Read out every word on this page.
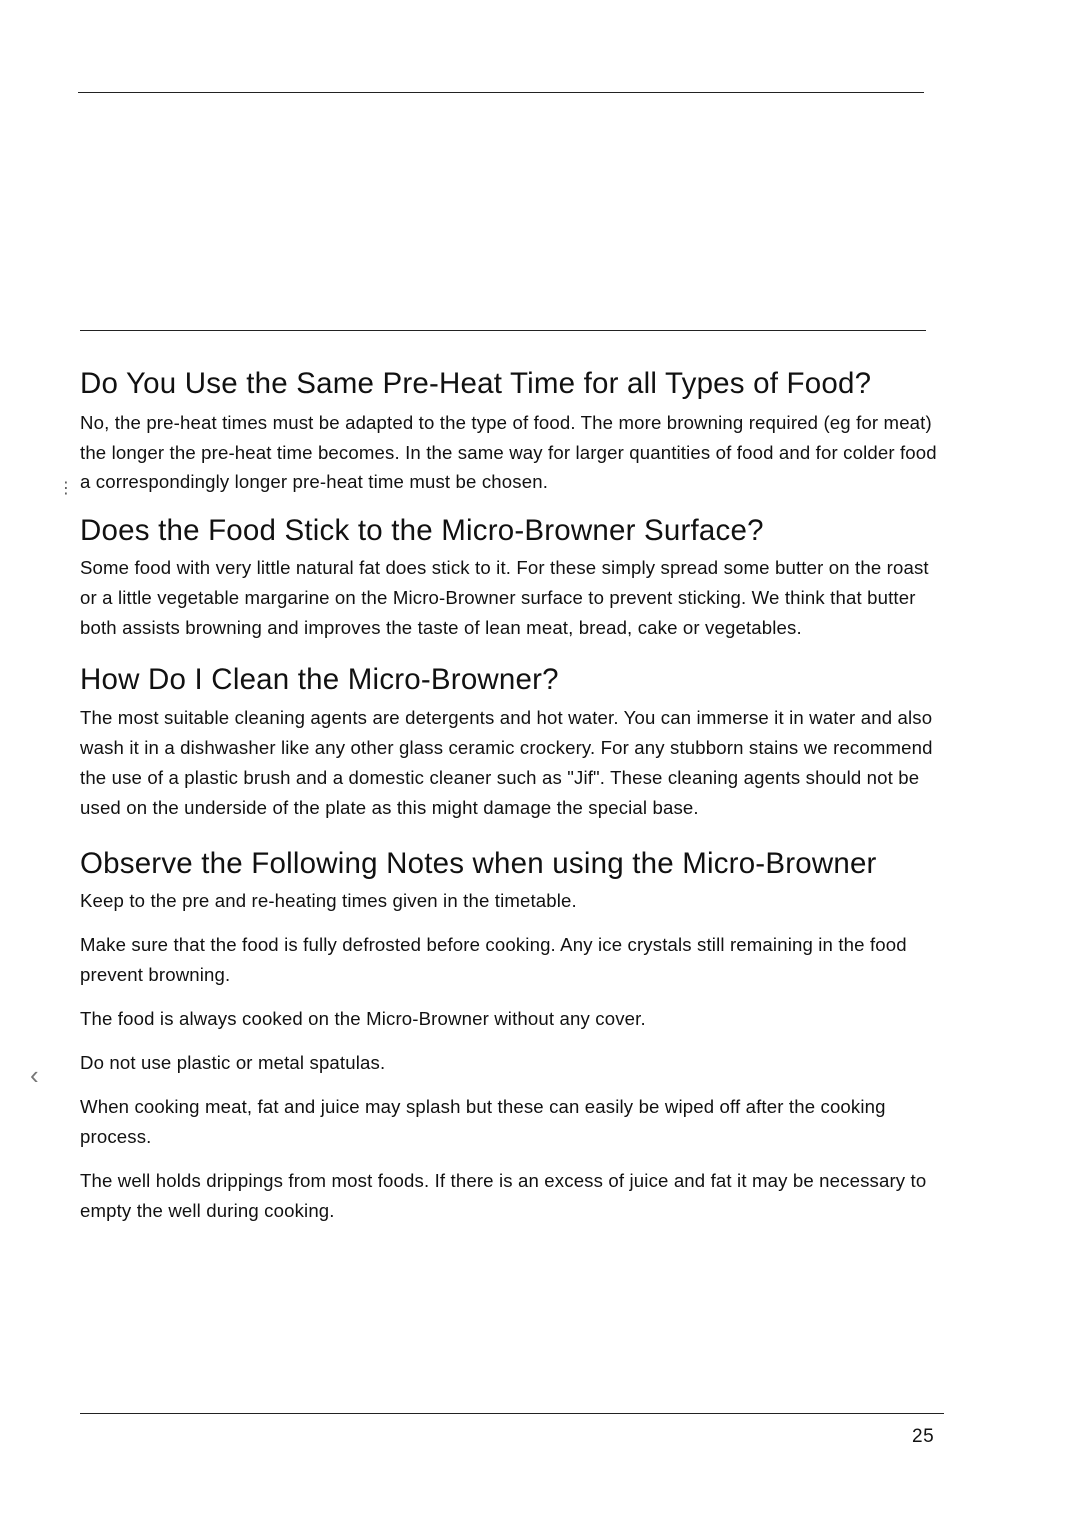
Do You Use the Same Pre-Heat Time for all Types of Food?

No, the pre-heat times must be adapted to the type of food. The more browning required (eg for meat) the longer the pre-heat time becomes. In the same way for larger quantities of food and for colder food a correspondingly longer pre-heat time must be chosen.

Does the Food Stick to the Micro-Browner Surface?

Some food with very little natural fat does stick to it. For these simply spread some butter on the roast or a little vegetable margarine on the Micro-Browner surface to prevent sticking. We think that butter both assists browning and improves the taste of lean meat, bread, cake or vegetables.

How Do I Clean the Micro-Browner?

The most suitable cleaning agents are detergents and hot water. You can immerse it in water and also wash it in a dishwasher like any other glass ceramic crockery. For any stubborn stains we recommend the use of a plastic brush and a domestic cleaner such as "Jif". These cleaning agents should not be used on the underside of the plate as this might damage the special base.

Observe the Following Notes when using the Micro-Browner

Keep to the pre and re-heating times given in the timetable.

Make sure that the food is fully defrosted before cooking. Any ice crystals still remaining in the food prevent browning.

The food is always cooked on the Micro-Browner without any cover.

Do not use plastic or metal spatulas.

When cooking meat, fat and juice may splash but these can easily be wiped off after the cooking process.

The well holds drippings from most foods. If there is an excess of juice and fat it may be necessary to empty the well during cooking.

25
⋮
‹
